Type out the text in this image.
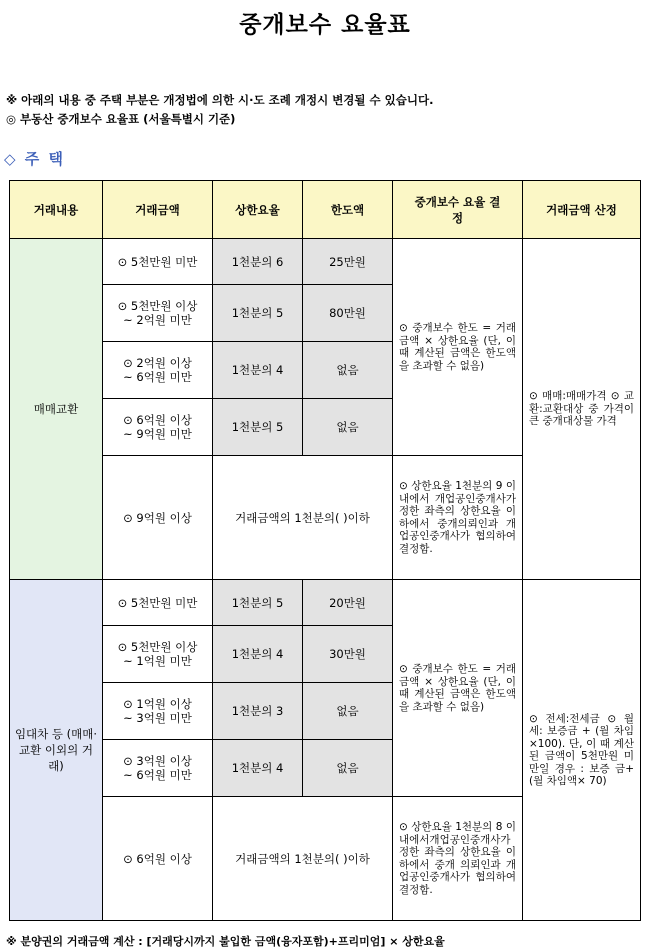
중개보수 요율표
※ 아래의 내용 중 주택 부분은 개정법에 의한 시·도 조례 개정시 변경될 수 있습니다.
◎ 부동산 중개보수 요율표 (서울특별시 기준)
◇ 주 택
거래내용	거래금액	상한요율	한도액	중개보수 요율 결정	거래금액 산정
매매교환	⊙ 5천만원 미만	1천분의 6	25만원	⊙ 중개보수 한도 = 거래 금액 × 상한요율 (단, 이 때 계산된 금액은 한도액을 초과할 수 없음)	⊙ 매매:매매가격 ⊙ 교환:교환대상 중 가격이 큰 중개대상물 가격
	⊙ 5천만원 이상 ~ 2억원 미만	1천분의 5	80만원		
	⊙ 2억원 이상 ~ 6억원 미만	1천분의 4	없음		
	⊙ 6억원 이상 ~ 9억원 미만	1천분의 5	없음		
	⊙ 9억원 이상	거래금액의 1천분의( )이하		⊙ 상한요율 1천분의 9 이내에서 개업공인중개사가 정한 좌측의 상한요율 이하에서 중개의뢰인과 개업공인중개사가 협의하여 결정함.	
임대차 등 (매매·교환 이외의 거래)	⊙ 5천만원 미만	1천분의 5	20만원	⊙ 중개보수 한도 = 거래 금액 × 상한요율 (단, 이 때 계산된 금액은 한도액을 초과할 수 없음)	⊙ 전세:전세금 ⊙ 월세: 보증금 + (월 차임×100). 단, 이 때 계산된 금액이 5천만원 미만일 경우 : 보증 금+(월 차임액× 70)
	⊙ 5천만원 이상 ~ 1억원 미만	1천분의 4	30만원		
	⊙ 1억원 이상 ~ 3억원 미만	1천분의 3	없음		
	⊙ 3억원 이상 ~ 6억원 미만	1천분의 4	없음		
	⊙ 6억원 이상	거래금액의 1천분의( )이하		⊙ 상한요율 1천분의 8 이내에서개업공인중개사가 정한 좌측의 상한요율 이하에서 중개 의뢰인과 개업공인중개사가 협의하여 결정함.	
※ 분양권의 거래금액 계산 : [거래당시까지 불입한 금액(융자포함)+프리미엄] × 상한요율
